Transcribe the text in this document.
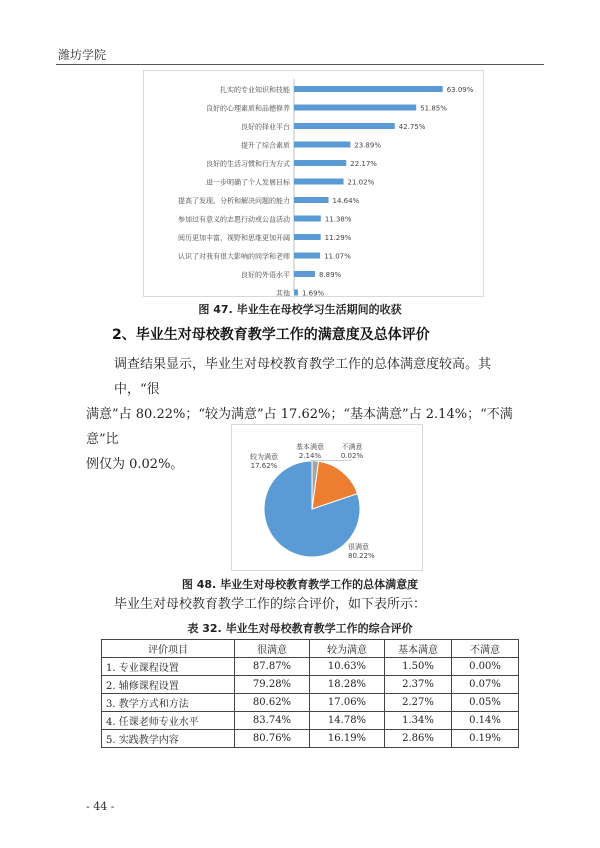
潍坊学院
扎实的专业知识和技能	63.09%
良好的心理素质和品德修养	51.85%
良好的择业平台	42.75%
提升了综合素质	23.89%
良好的生活习惯和行为方式	22.17%
进一步明确了个人发展目标	21.02%
提高了发现、分析和解决问题的能力	14.64%
参加过有意义的志愿行动或公益活动	11.38%
阅历更加丰富，视野和思维更加开阔	11.29%
认识了对我有很大影响的同学和老师	11.07%
良好的外语水平	8.89%
其他 1.69%
图 47. 毕业生在母校学习生活期间的收获
2、毕业生对母校教育教学工作的满意度及总体评价
调查结果显示，毕业生对母校教育教学工作的总体满意度较高。其中，“很
满意”占 80.22%；“较为满意”占 17.62%；“基本满意”占 2.14%；“不满意”比
例仅为 0.02%。
很满意
80.22%
较为满意
17.62%
基本满意
2.14%
不满意
0.02%
图 48. 毕业生对母校教育教学工作的总体满意度
毕业生对母校教育教学工作的综合评价，如下表所示：
表 32. 毕业生对母校教育教学工作的综合评价
评价项目	很满意	较为满意	基本满意	不满意
1. 专业课程设置	87.87%	10.63%	1.50%	0.00%
2. 辅修课程设置	79.28%	18.28%	2.37%	0.07%
3. 教学方式和方法	80.62%	17.06%	2.27%	0.05%
4. 任课老师专业水平	83.74%	14.78%	1.34%	0.14%
5. 实践教学内容	80.76%	16.19%	2.86%	0.19%
- 44 -
